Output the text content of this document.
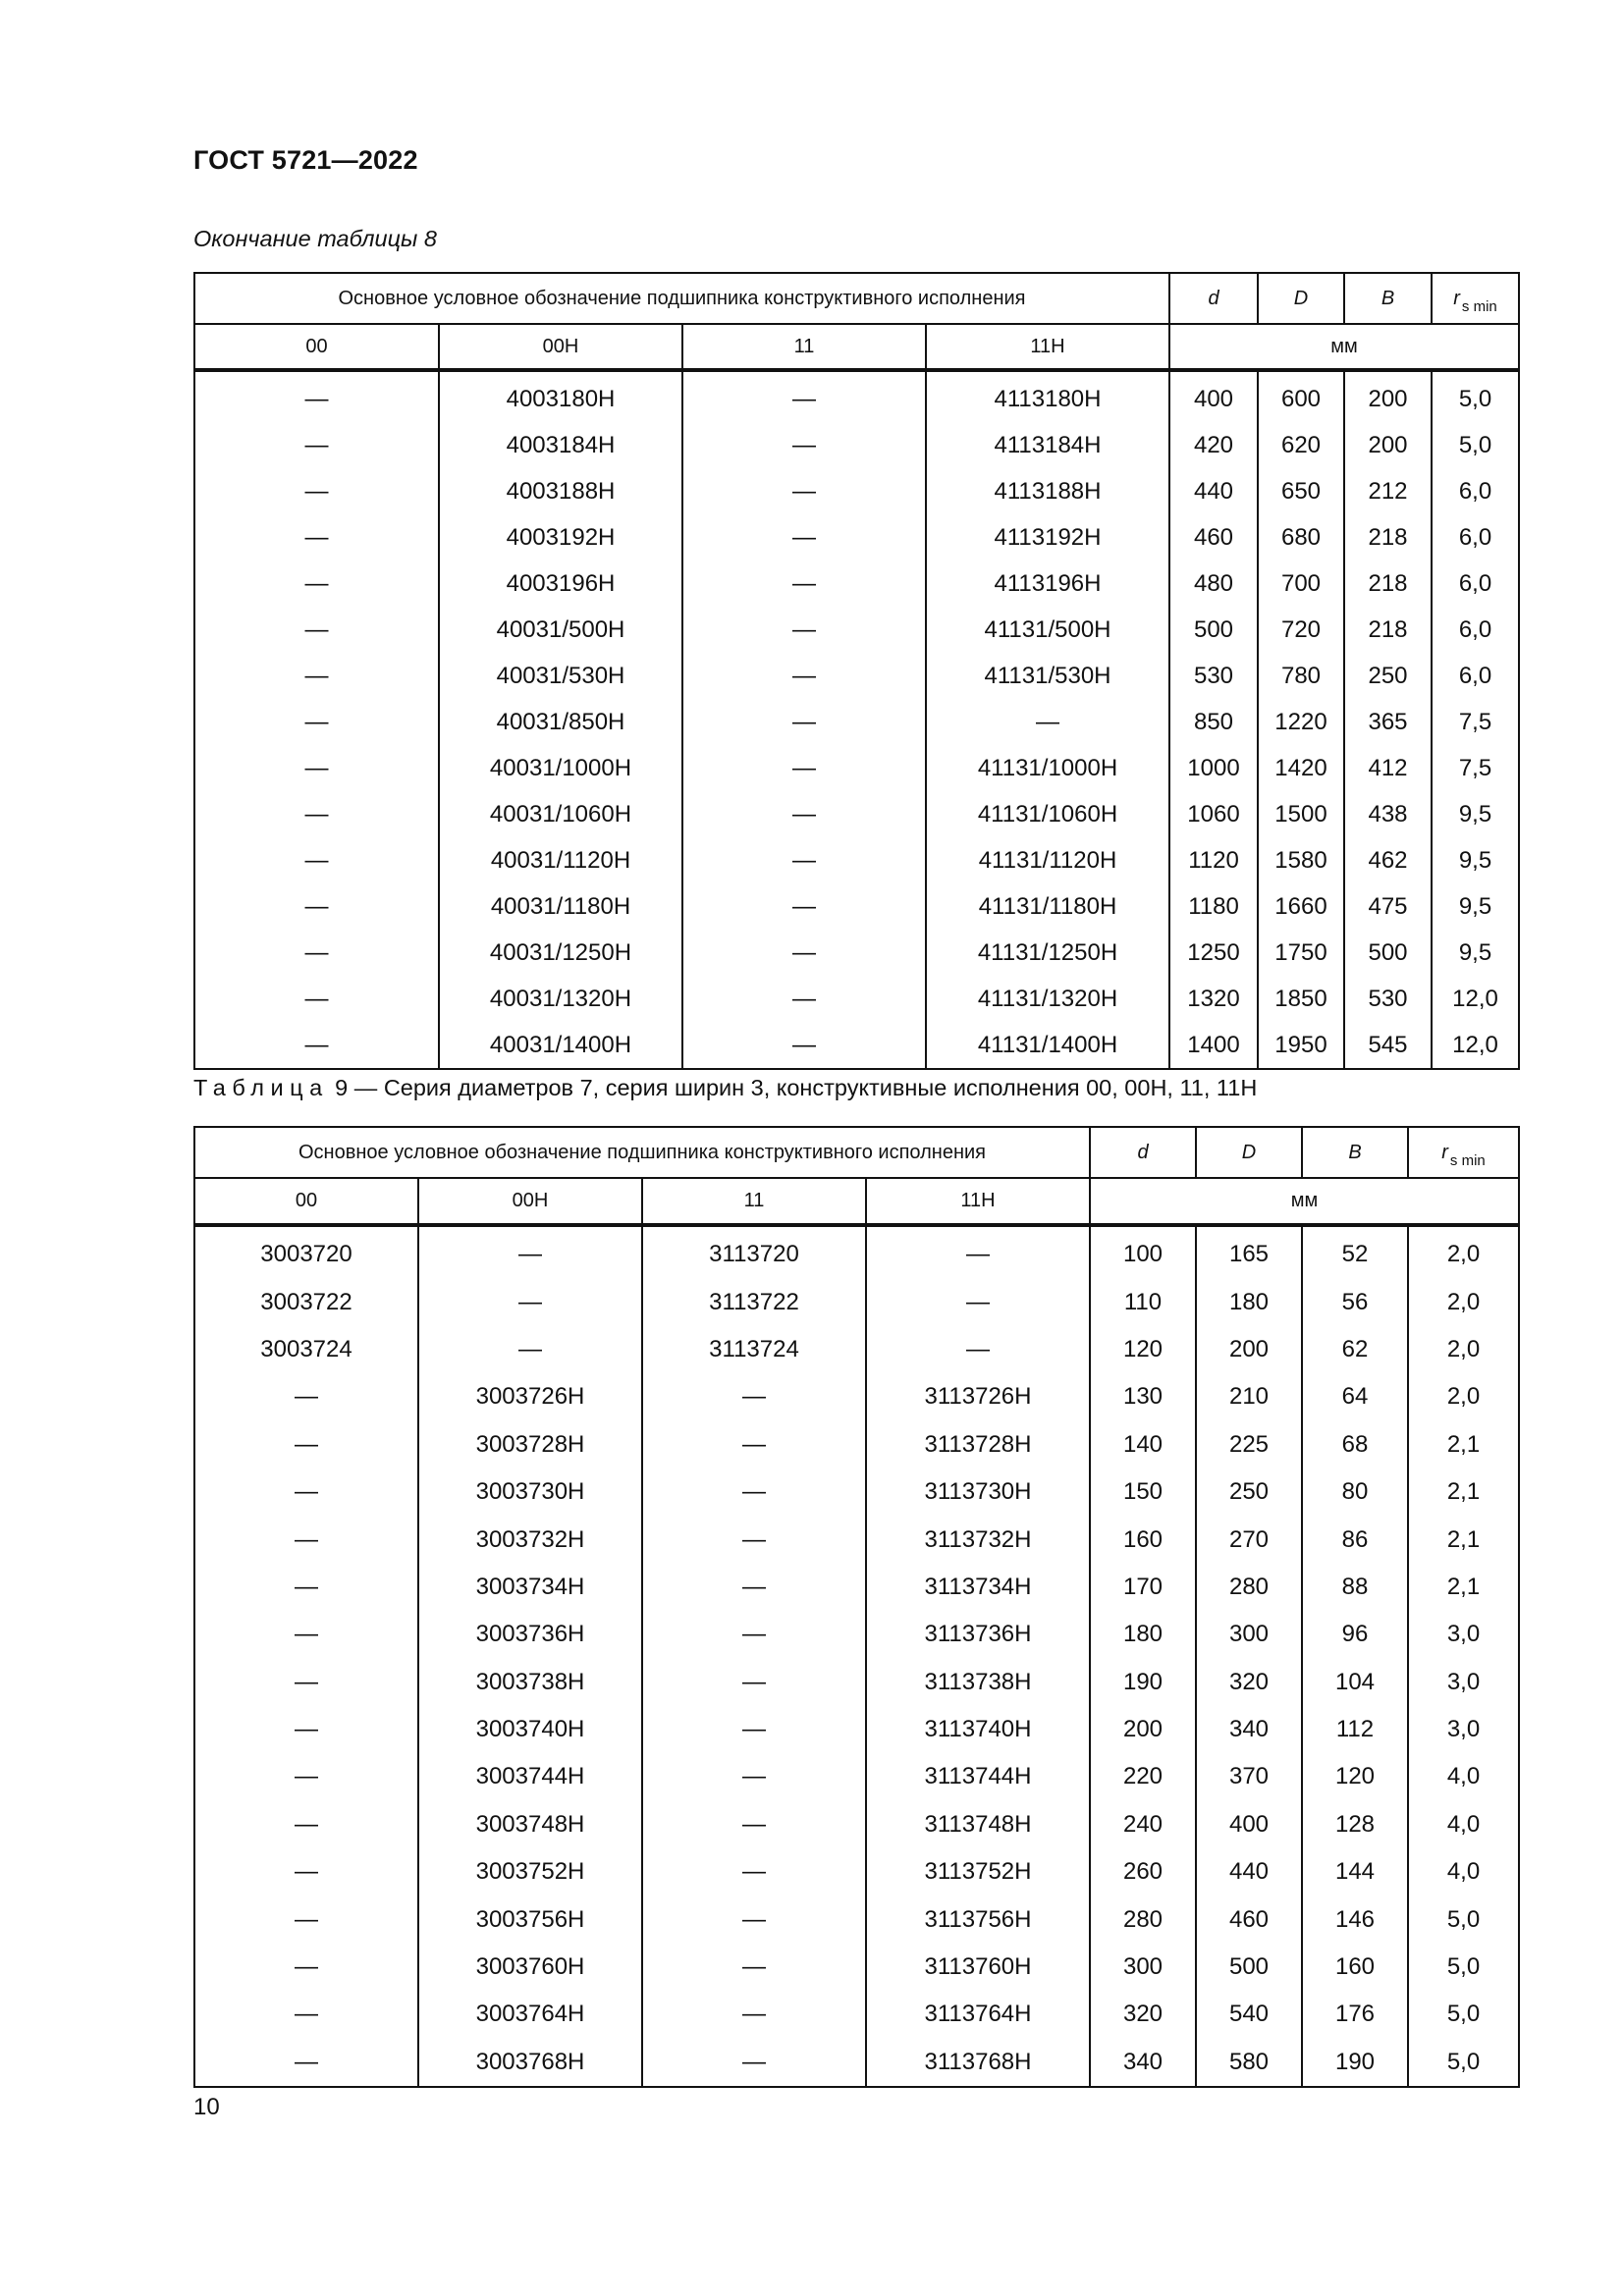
ГОСТ 5721—2022

Окончание таблицы 8

Основное условное обозначение подшипника конструктивного исполнения				d	D	B	r $_{s min}$
00	00Н	11	11Н	мм			
—	4003180Н	—	4113180Н	400	600	200	5,0
—	4003184Н	—	4113184Н	420	620	200	5,0
—	4003188Н	—	4113188Н	440	650	212	6,0
—	4003192Н	—	4113192Н	460	680	218	6,0
—	4003196Н	—	4113196Н	480	700	218	6,0
—	40031/500Н	—	41131/500Н	500	720	218	6,0
—	40031/530Н	—	41131/530Н	530	780	250	6,0
—	40031/850Н	—	—	850	1220	365	7,5
—	40031/1000Н	—	41131/1000Н	1000	1420	412	7,5
—	40031/1060Н	—	41131/1060Н	1060	1500	438	9,5
—	40031/1120Н	—	41131/1120Н	1120	1580	462	9,5
—	40031/1180Н	—	41131/1180Н	1180	1660	475	9,5
—	40031/1250Н	—	41131/1250Н	1250	1750	500	9,5
—	40031/1320Н	—	41131/1320Н	1320	1850	530	12,0
—	40031/1400Н	—	41131/1400Н	1400	1950	545	12,0

Таблица 9 — Серия диаметров 7, серия ширин 3, конструктивные исполнения 00, 00Н, 11, 11Н

Основное условное обозначение подшипника конструктивного исполнения				d	D	B	r $_{s min}$
00	00Н	11	11Н	мм			
3003720	—	3113720	—	100	165	52	2,0
3003722	—	3113722	—	110	180	56	2,0
3003724	—	3113724	—	120	200	62	2,0
—	3003726Н	—	3113726Н	130	210	64	2,0
—	3003728Н	—	3113728Н	140	225	68	2,1
—	3003730Н	—	3113730Н	150	250	80	2,1
—	3003732Н	—	3113732Н	160	270	86	2,1
—	3003734Н	—	3113734Н	170	280	88	2,1
—	3003736Н	—	3113736Н	180	300	96	3,0
—	3003738Н	—	3113738Н	190	320	104	3,0
—	3003740Н	—	3113740Н	200	340	112	3,0
—	3003744Н	—	3113744Н	220	370	120	4,0
—	3003748Н	—	3113748Н	240	400	128	4,0
—	3003752Н	—	3113752Н	260	440	144	4,0
—	3003756Н	—	3113756Н	280	460	146	5,0
—	3003760Н	—	3113760Н	300	500	160	5,0
—	3003764Н	—	3113764Н	320	540	176	5,0
—	3003768Н	—	3113768Н	340	580	190	5,0

10
